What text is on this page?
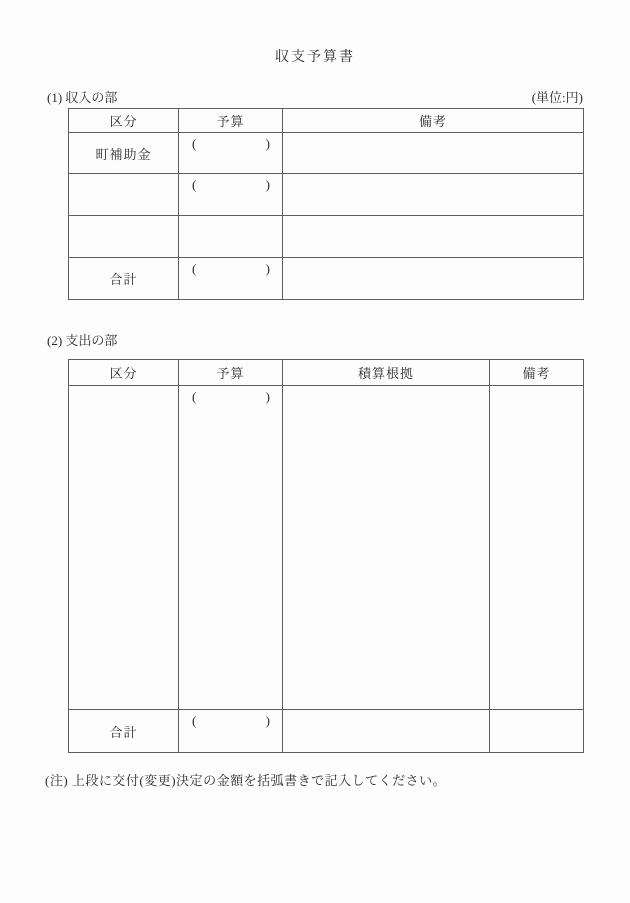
収支予算書
(1) 収入の部	(単位:円)
区分	予算	備考
町補助金	( )	

	( )	

合計	( )	

(2) 支出の部
区分	予算	積算根拠	備考

	( )		

合計	( )		

(注) 上段に交付(変更)決定の金額を括弧書きで記入してください。
